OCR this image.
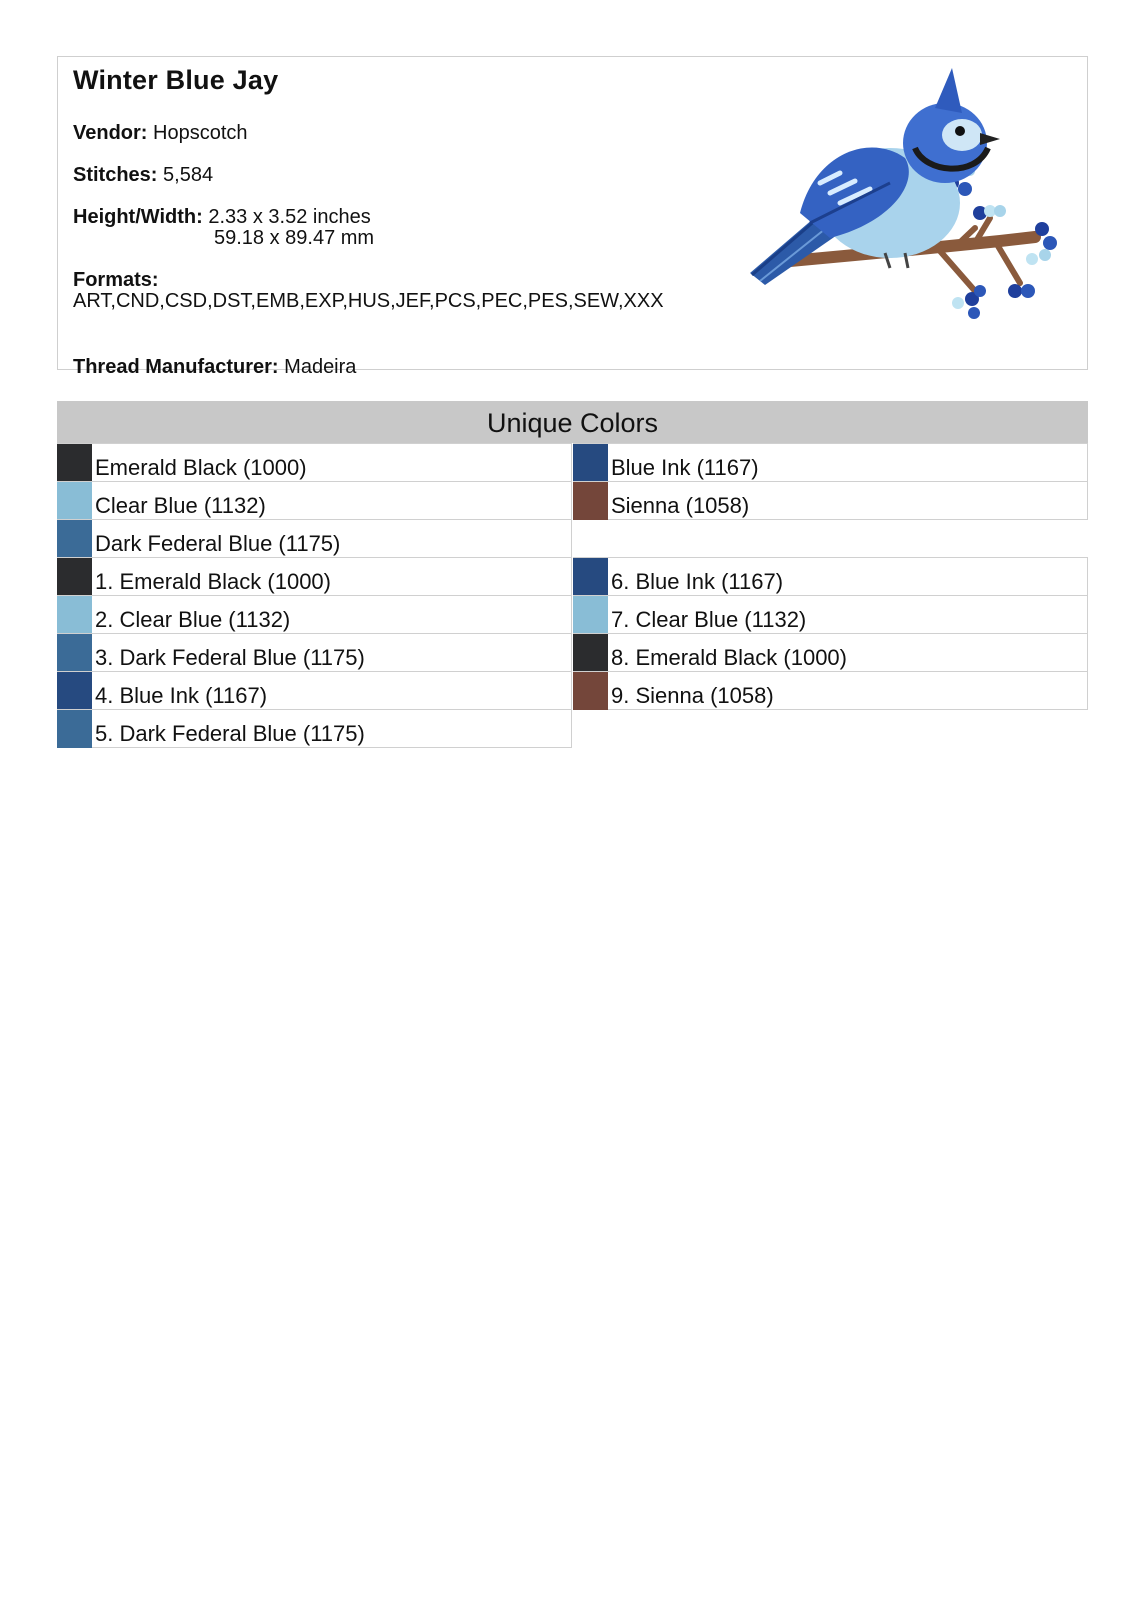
Winter Blue Jay
Vendor: Hopscotch
Stitches: 5,584
Height/Width: 2.33 x 3.52 inches
59.18 x 89.47 mm
Formats:
ART,CND,CSD,DST,EMB,EXP,HUS,JEF,PCS,PEC,PES,SEW,XXX
Thread Manufacturer: Madeira
Unique Colors
Emerald Black (1000)
Clear Blue (1132)
Dark Federal Blue (1175)
Blue Ink (1167)
Sienna (1058)
1. Emerald Black (1000)
2. Clear Blue (1132)
3. Dark Federal Blue (1175)
4. Blue Ink (1167)
5. Dark Federal Blue (1175)
6. Blue Ink (1167)
7. Clear Blue (1132)
8. Emerald Black (1000)
9. Sienna (1058)
